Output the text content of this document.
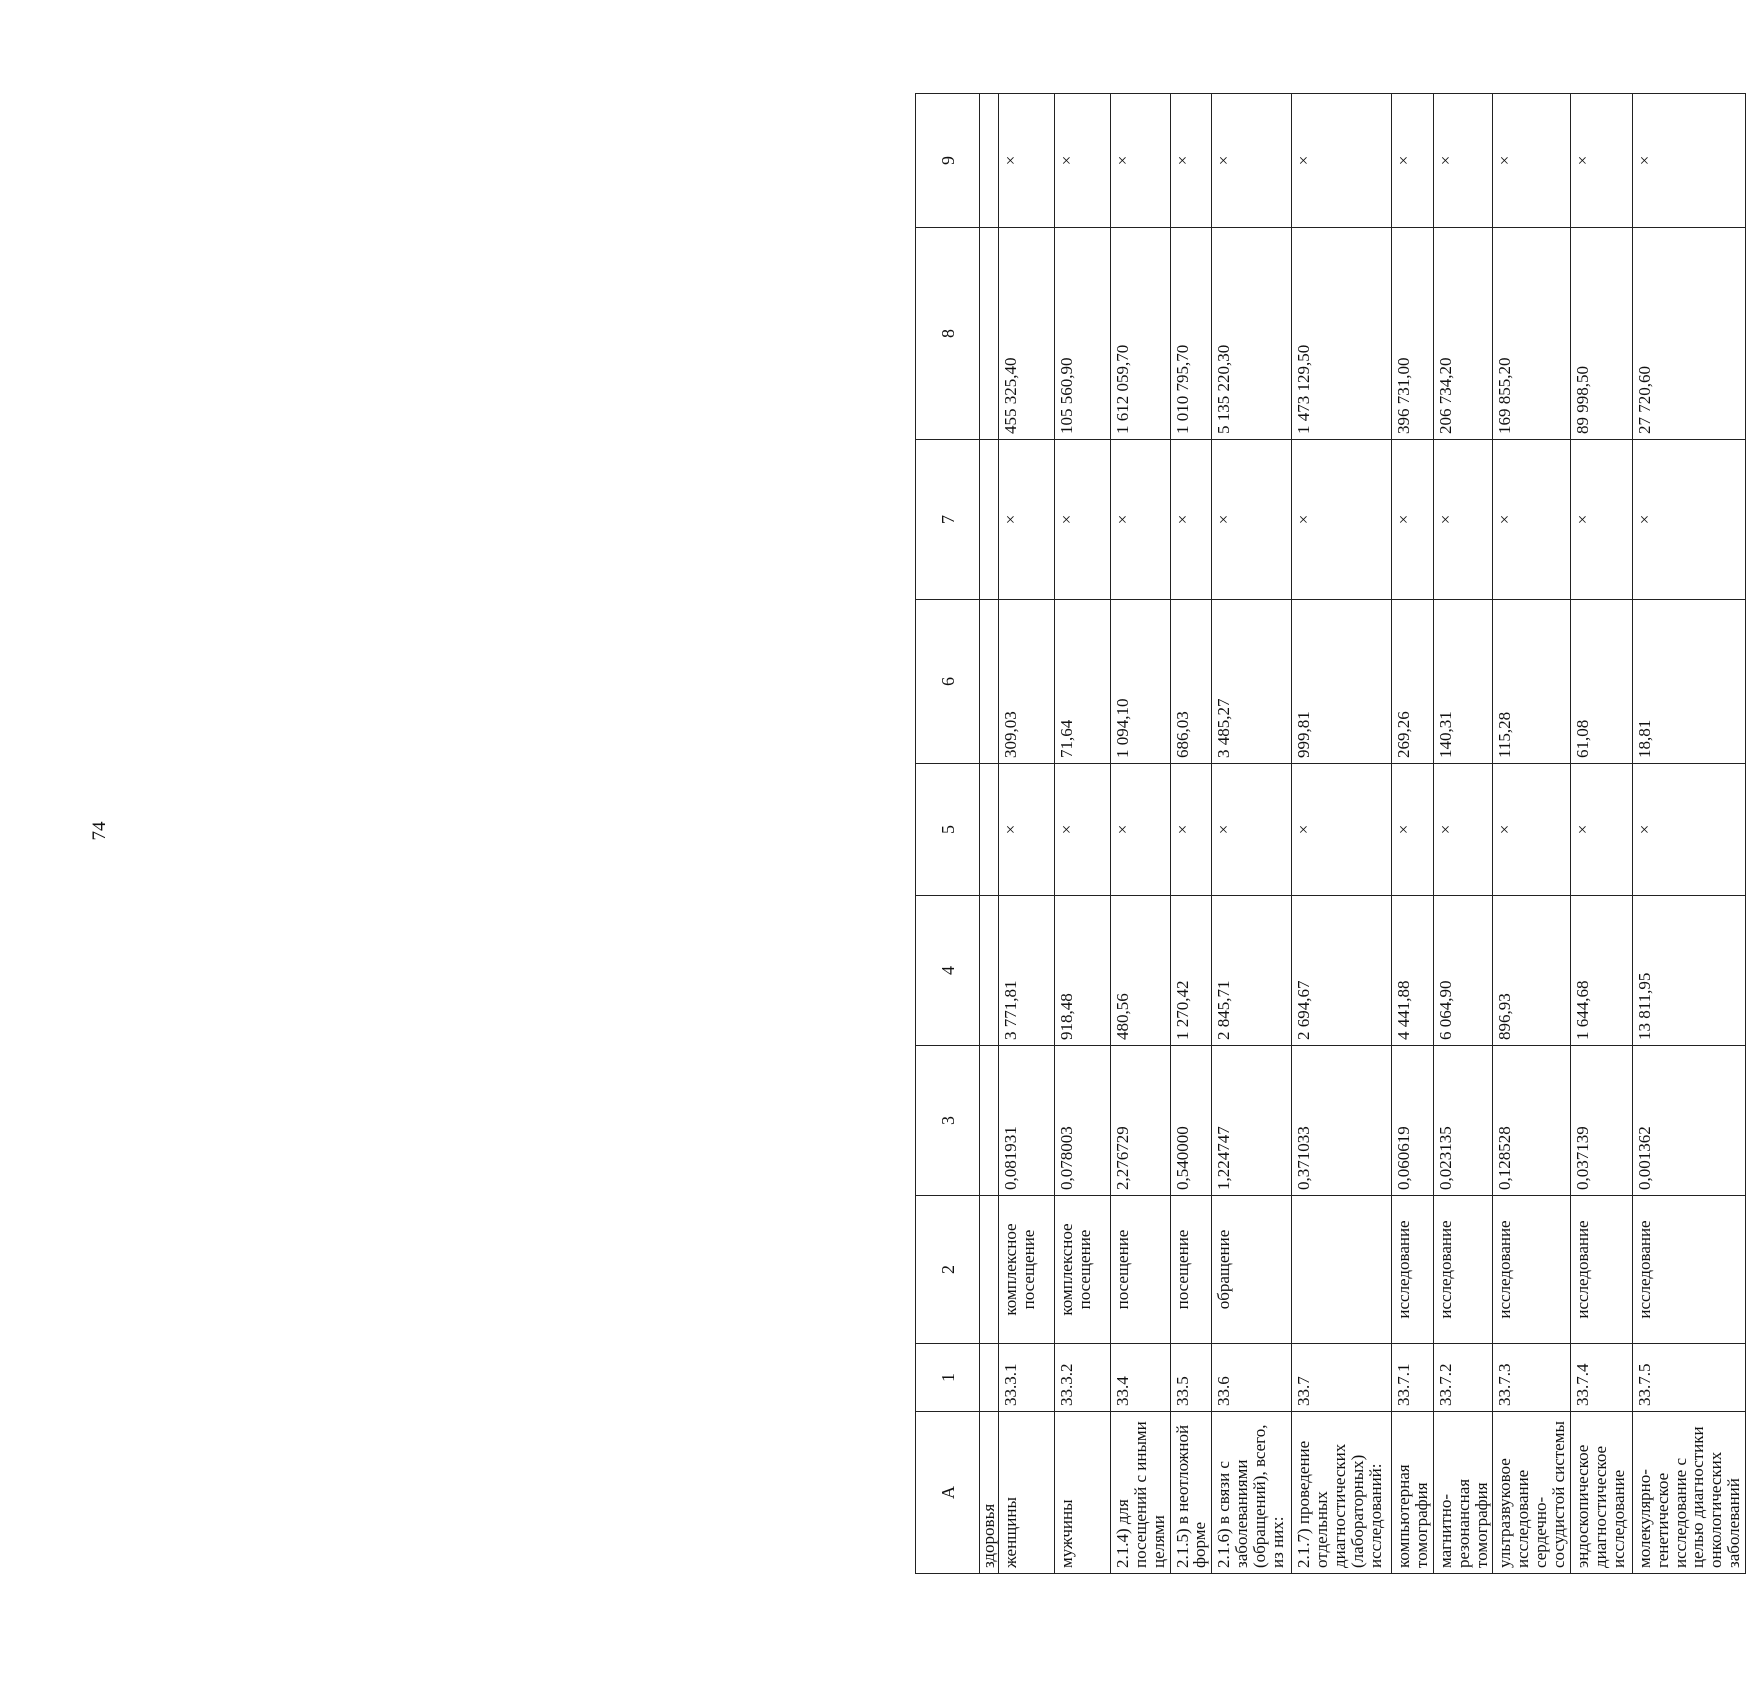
74
A	1	2	3	4	5	6	7	8	9
здоровья									
женщины	33.3.1	комплексное посещение	0,081931	3 771,81	×	309,03	×	455 325,40	×
мужчины	33.3.2	комплексное посещение	0,078003	918,48	×	71,64	×	105 560,90	×
2.1.4) для посещений с иными целями	33.4	посещение	2,276729	480,56	×	1 094,10	×	1 612 059,70	×
2.1.5) в неотложной форме	33.5	посещение	0,540000	1 270,42	×	686,03	×	1 010 795,70	×
2.1.6) в связи с заболеваниями (обращений), всего, из них:	33.6	обращение	1,224747	2 845,71	×	3 485,27	×	5 135 220,30	×
2.1.7) проведение отдельных диагностических (лабораторных) исследований:	33.7		0,371033	2 694,67	×	999,81	×	1 473 129,50	×
компьютерная томография	33.7.1	исследование	0,060619	4 441,88	×	269,26	×	396 731,00	×
магнитно-резонансная томография	33.7.2	исследование	0,023135	6 064,90	×	140,31	×	206 734,20	×
ультразвуковое исследование сердечно-сосудистой системы	33.7.3	исследование	0,128528	896,93	×	115,28	×	169 855,20	×
эндоскопическое диагностическое исследование	33.7.4	исследование	0,037139	1 644,68	×	61,08	×	89 998,50	×
молекулярно-генетическое исследование с целью диагностики онкологических заболеваний	33.7.5	исследование	0,001362	13 811,95	×	18,81	×	27 720,60	×
